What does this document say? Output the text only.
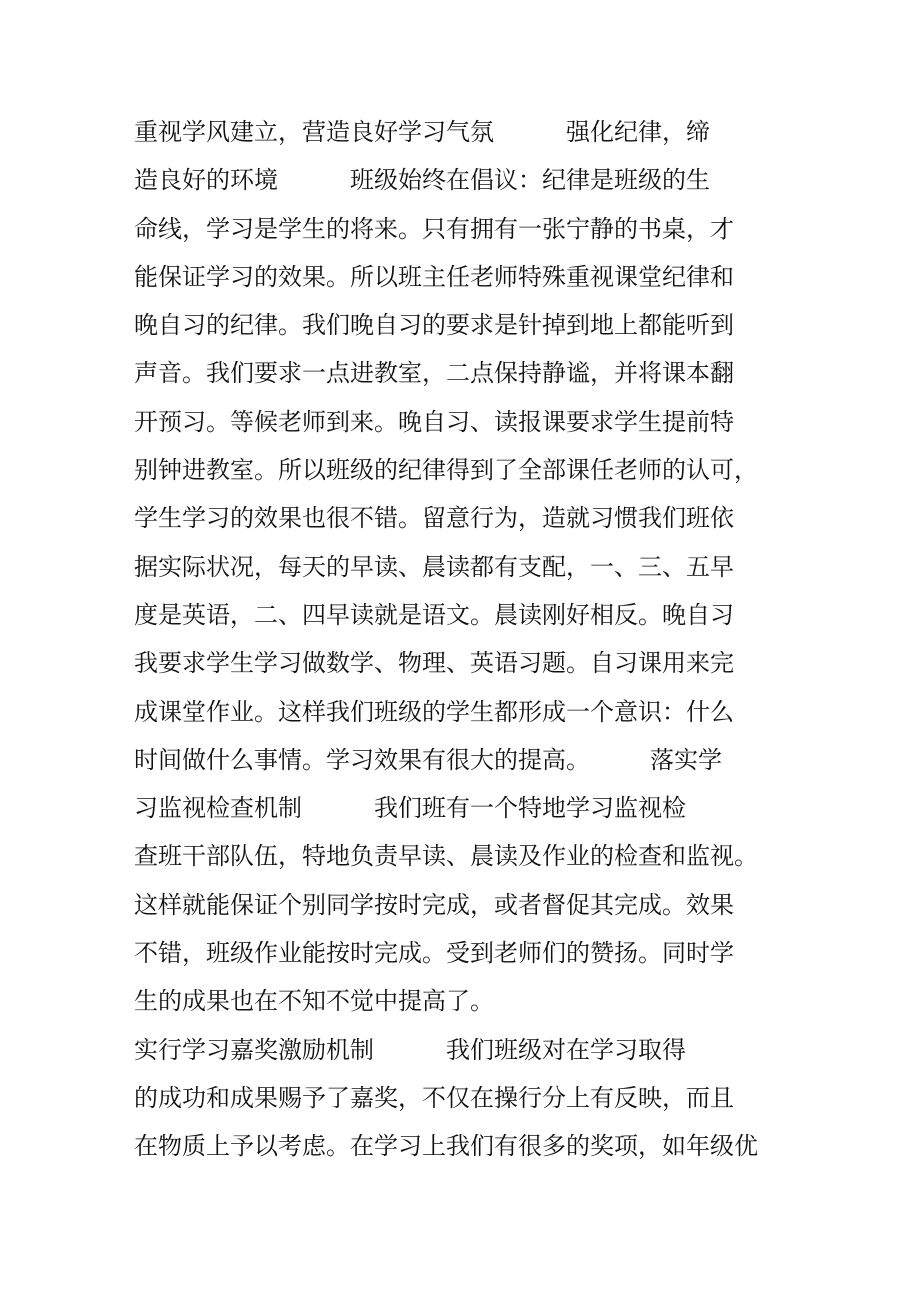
重视学风建立，营造良好学习气氛　　　强化纪律，缔
造良好的环境　　　班级始终在倡议：纪律是班级的生
命线，学习是学生的将来。只有拥有一张宁静的书桌，才
能保证学习的效果。所以班主任老师特殊重视课堂纪律和
晚自习的纪律。我们晚自习的要求是针掉到地上都能听到
声音。我们要求一点进教室，二点保持静谧，并将课本翻
开预习。等候老师到来。晚自习、读报课要求学生提前特
别钟进教室。所以班级的纪律得到了全部课任老师的认可，
学生学习的效果也很不错。留意行为，造就习惯我们班依
据实际状况，每天的早读、晨读都有支配，一、三、五早
度是英语，二、四早读就是语文。晨读刚好相反。晚自习
我要求学生学习做数学、物理、英语习题。自习课用来完
成课堂作业。这样我们班级的学生都形成一个意识：什么
时间做什么事情。学习效果有很大的提高。　　　落实学
习监视检查机制　　　我们班有一个特地学习监视检
查班干部队伍，特地负责早读、晨读及作业的检查和监视。
这样就能保证个别同学按时完成，或者督促其完成。效果
不错，班级作业能按时完成。受到老师们的赞扬。同时学
生的成果也在不知不觉中提高了。
实行学习嘉奖激励机制　　　我们班级对在学习取得
的成功和成果赐予了嘉奖，不仅在操行分上有反映，而且
在物质上予以考虑。在学习上我们有很多的奖项，如年级优
